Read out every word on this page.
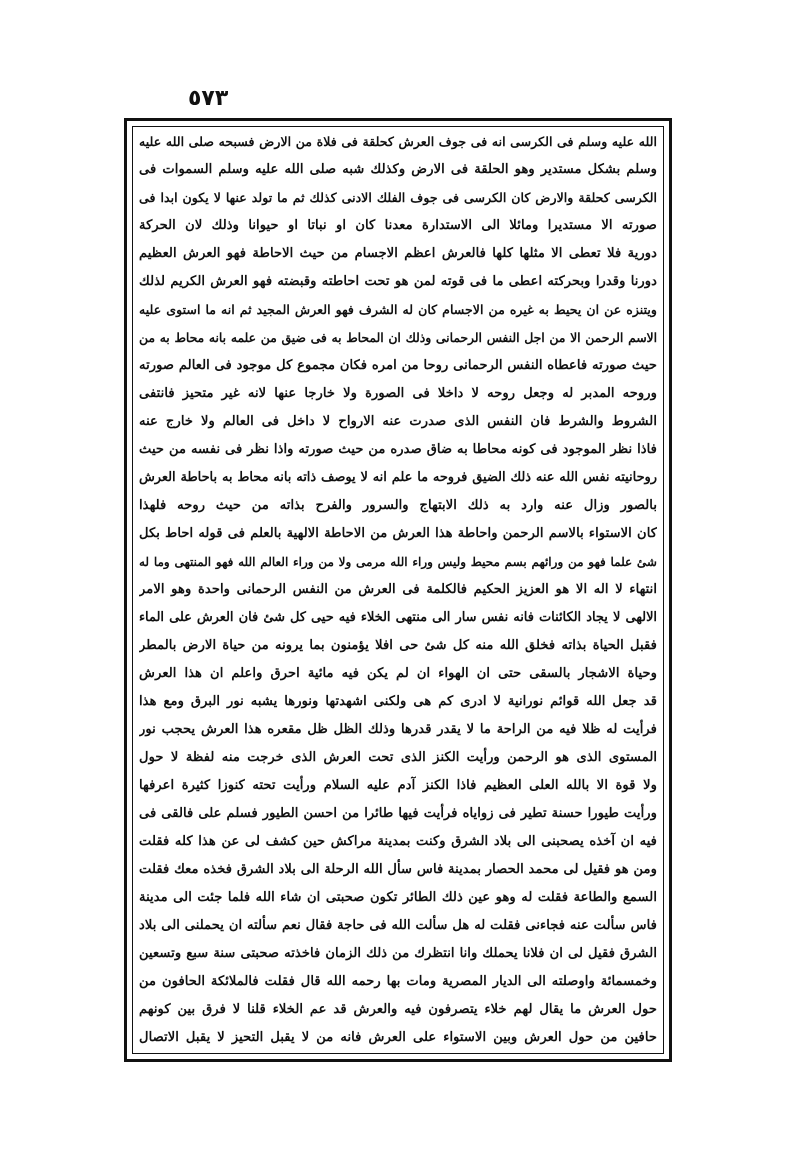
٥٧٣
الله عليه وسلم فى الكرسى انه فى جوف العرش كحلقة فى فلاة من الارض فسبحه صلى الله عليه
وسلم بشكل مستدير وهو الحلقة فى الارض وكذلك شبه صلى الله عليه وسلم السموات فى
الكرسى كحلقة والارض كان الكرسى فى جوف الفلك الادنى كذلك ثم ما تولد عنها لا يكون ابدا فى
صورته الا مستديرا ومائلا الى الاستدارة معدنا كان او نباتا او حيوانا وذلك لان الحركة
دورية فلا تعطى الا مثلها كلها فالعرش اعظم الاجسام من حيث الاحاطة فهو العرش العظيم
دورنا وقدرا وبحركته اعطى ما فى قوته لمن هو تحت احاطته وقبضته فهو العرش الكريم لذلك
ويتنزه عن ان يحيط به غيره من الاجسام كان له الشرف فهو العرش المجيد ثم انه ما استوى عليه
الاسم الرحمن الا من اجل النفس الرحمانى وذلك ان المحاط به فى ضيق من علمه بانه محاط به من
حيث صورته فاعطاه النفس الرحمانى روحا من امره فكان مجموع كل موجود فى العالم صورته
وروحه المدبر له وجعل روحه لا داخلا فى الصورة ولا خارجا عنها لانه غير متحيز فانتفى
الشروط والشرط فان النفس الذى صدرت عنه الارواح لا داخل فى العالم ولا خارج عنه
فاذا نظر الموجود فى كونه محاطا به ضاق صدره من حيث صورته واذا نظر فى نفسه من حيث
روحانيته نفس الله عنه ذلك الضيق فروحه ما علم انه لا يوصف ذاته بانه محاط به باحاطة العرش
بالصور وزال عنه وارد به ذلك الابتهاج والسرور والفرح بذاته من حيث روحه فلهذا
كان الاستواء بالاسم الرحمن واحاطة هذا العرش من الاحاطة الالهية بالعلم فى قوله احاط بكل
شئ علما فهو من ورائهم بسم محيط وليس وراء الله مرمى ولا من وراء العالم الله فهو المنتهى وما له
انتهاء لا اله الا هو العزيز الحكيم فالكلمة فى العرش من النفس الرحمانى واحدة وهو الامر
الالهى لا يجاد الكائنات فانه نفس سار الى منتهى الخلاء فيه حيى كل شئ فان العرش على الماء
فقبل الحياة بذاته فخلق الله منه كل شئ حى افلا يؤمنون بما يرونه من حياة الارض بالمطر
وحياة الاشجار بالسقى حتى ان الهواء ان لم يكن فيه مائية احرق واعلم ان هذا العرش
قد جعل الله قوائم نورانية لا ادرى كم هى ولكنى اشهدتها ونورها يشبه نور البرق ومع هذا
فرأيت له ظلا فيه من الراحة ما لا يقدر قدرها وذلك الظل ظل مقعره هذا العرش يحجب نور
المستوى الذى هو الرحمن ورأيت الكنز الذى تحت العرش الذى خرجت منه لفظة لا حول
ولا قوة الا بالله العلى العظيم فاذا الكنز آدم عليه السلام ورأيت تحته كنوزا كثيرة اعرفها
ورأيت طيورا حسنة تطير فى زواياه فرأيت فيها طائرا من احسن الطيور فسلم على فالقى فى
فيه ان آخذه يصحبنى الى بلاد الشرق وكنت بمدينة مراكش حين كشف لى عن هذا كله فقلت
ومن هو فقيل لى محمد الحصار بمدينة فاس سأل الله الرحلة الى بلاد الشرق فخذه معك فقلت
السمع والطاعة فقلت له وهو عين ذلك الطائر تكون صحبتى ان شاء الله فلما جئت الى مدينة
فاس سألت عنه فجاءنى فقلت له هل سألت الله فى حاجة فقال نعم سألته ان يحملنى الى بلاد
الشرق فقيل لى ان فلانا يحملك وانا انتظرك من ذلك الزمان فاخذته صحبتى سنة سبع وتسعين
وخمسمائة واوصلته الى الديار المصرية ومات بها رحمه الله قال فقلت فالملائكة الحافون من
حول العرش ما يقال لهم خلاء يتصرفون فيه والعرش قد عم الخلاء قلنا لا فرق بين كونهم
حافين من حول العرش وبين الاستواء على العرش فانه من لا يقبل التحيز لا يقبل الاتصال
